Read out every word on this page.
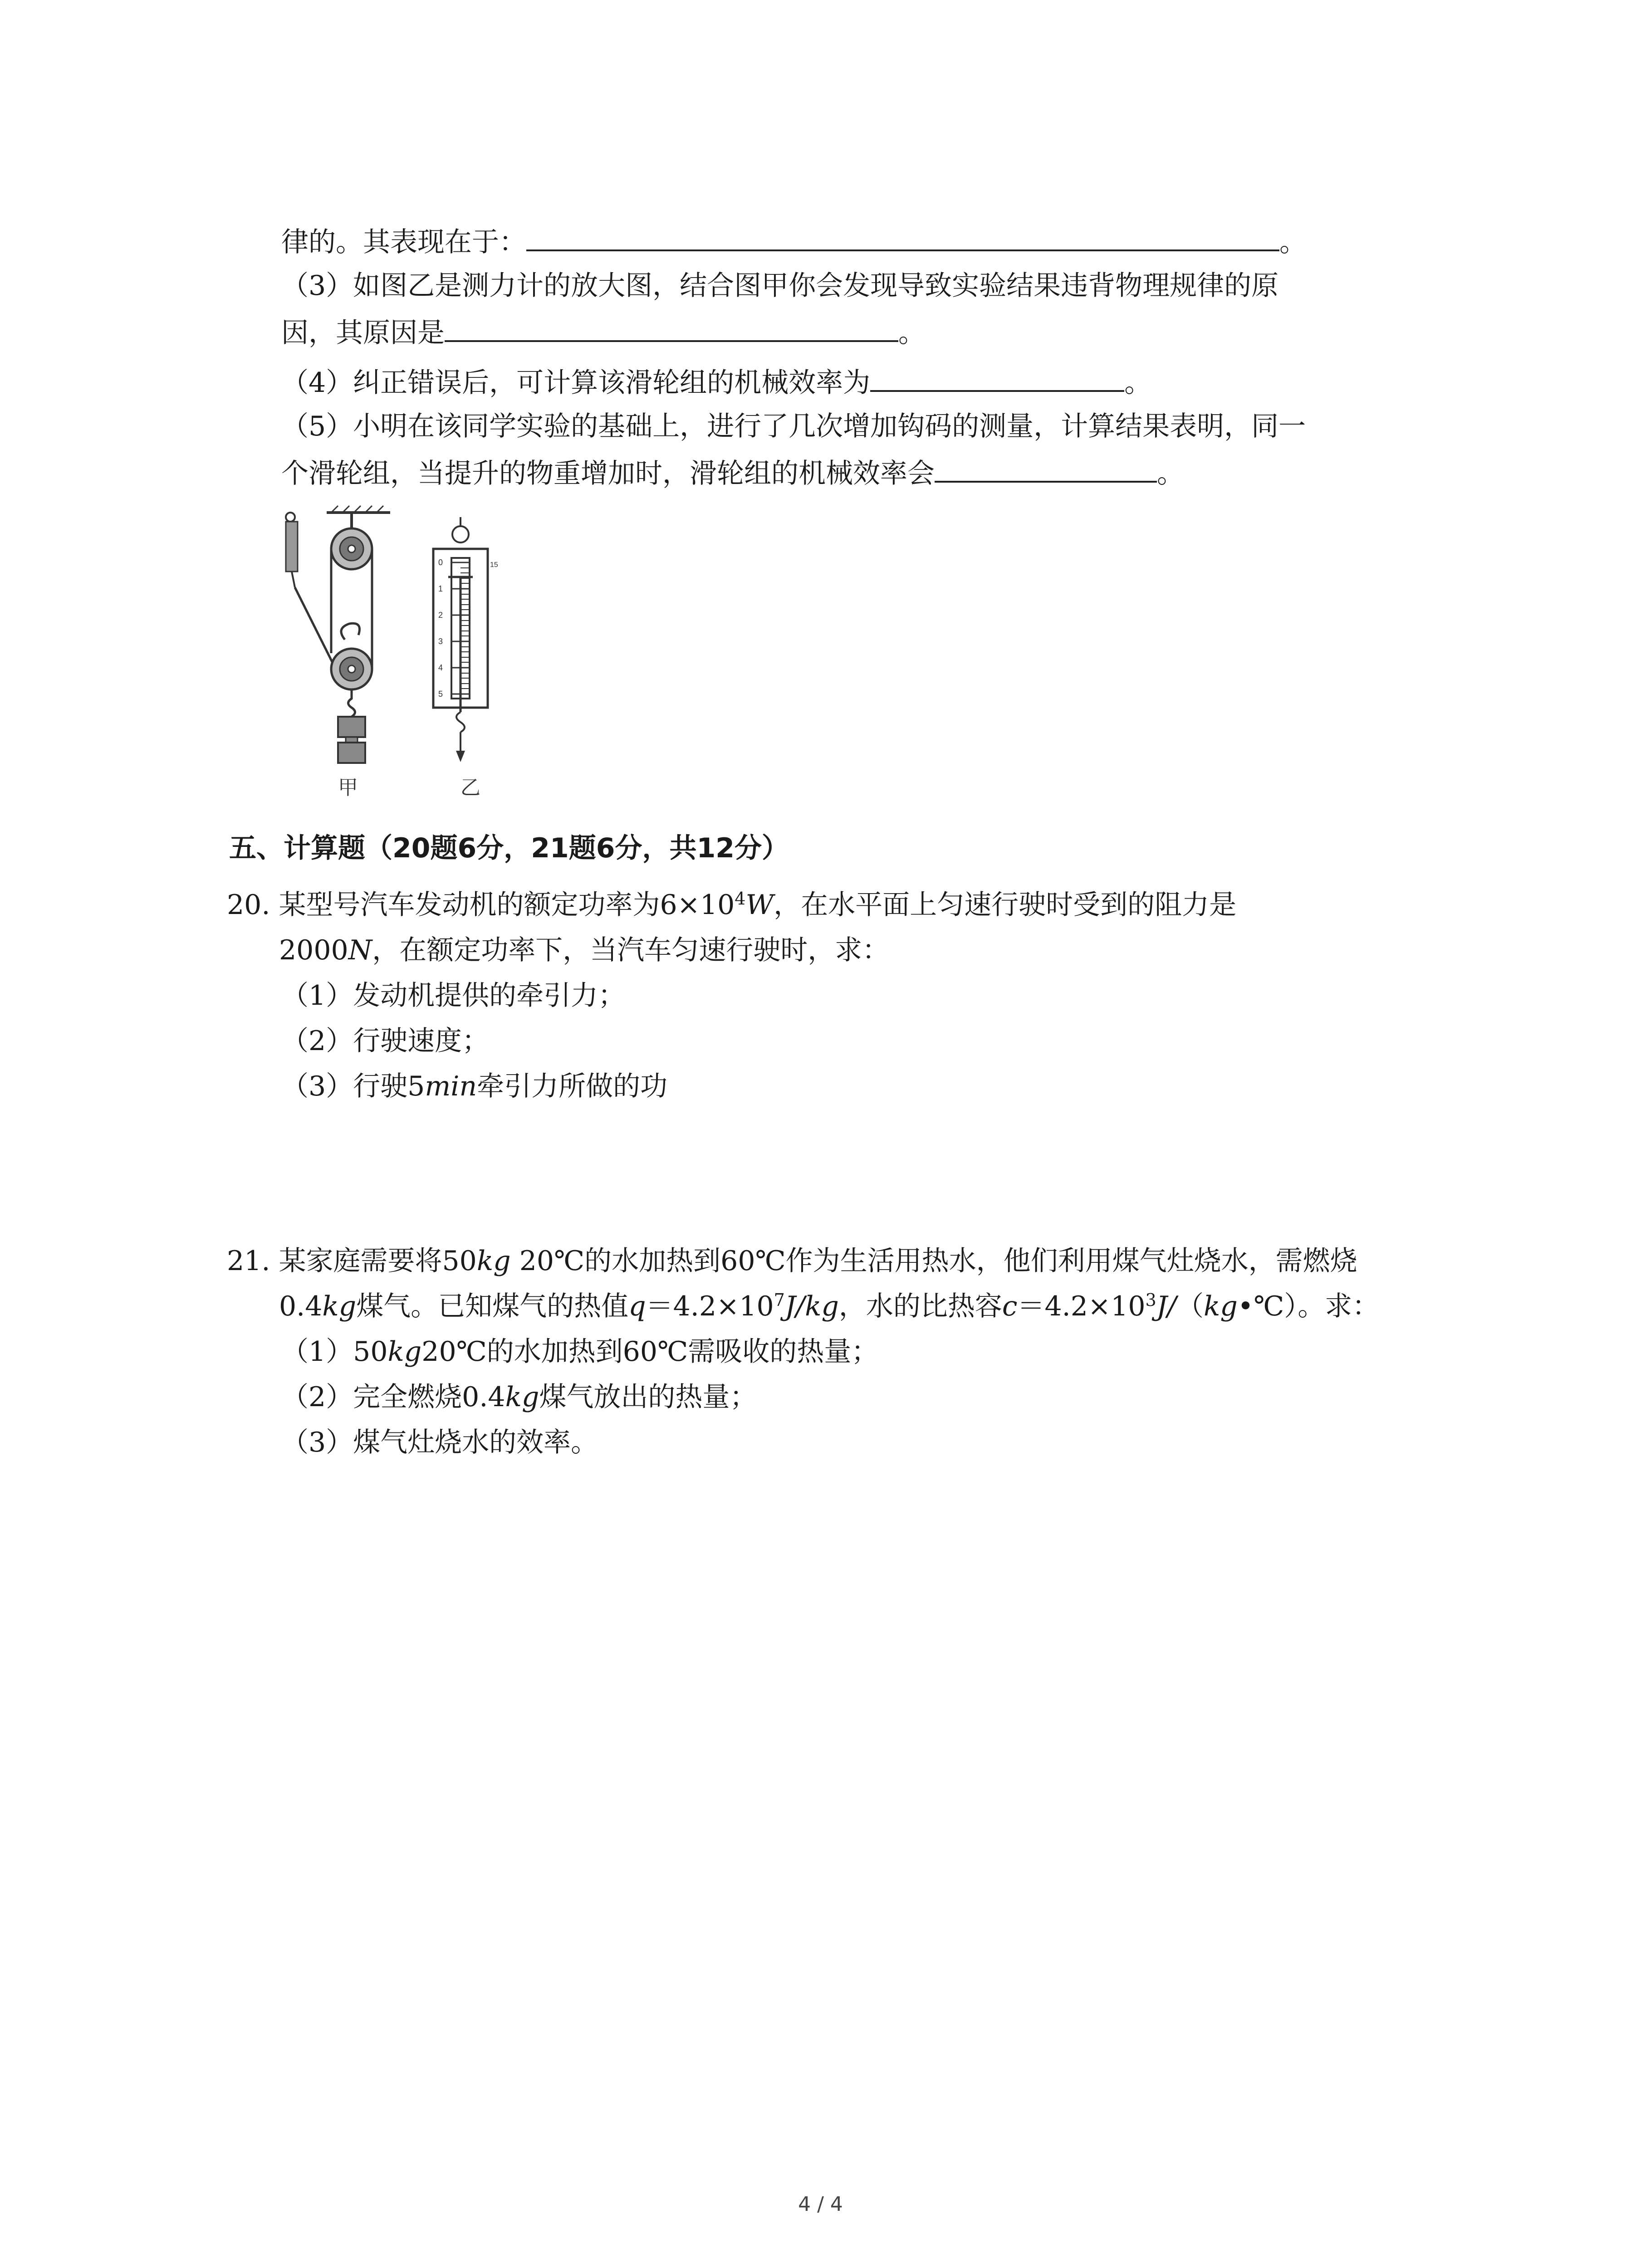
律的。其表现在于：	。
（3）如图乙是测力计的放大图，结合图甲你会发现导致实验结果违背物理规律的原
因，其原因是	。
（4）纠正错误后，可计算该滑轮组的机械效率为	。
（5）小明在该同学实验的基础上，进行了几次增加钩码的测量，计算结果表明，同一
个滑轮组，当提升的物重增加时，滑轮组的机械效率会	。
甲
0
1
2
3
4
5
15
乙
五、计算题（20题6分，21题6分，共12分）
20. 某型号汽车发动机的额定功率为$6\times 10^4W$，在水平面上匀速行驶时受到的阻力是
2000N，在额定功率下，当汽车匀速行驶时，求：
（1）发动机提供的牵引力；
（2）行驶速度；
（3）行驶5min牵引力所做的功
21. 某家庭需要将50kg 20℃的水加热到60℃作为生活用热水，他们利用煤气灶烧水，需燃烧
0.4kg煤气。已知煤气的热值$q=4.2\times 10^7J/kg$，水的比热容$c=4.2\times 10^3J/(kg•℃)$。求：
（1）50kg20℃的水加热到60℃需吸收的热量；
（2）完全燃烧0.4kg煤气放出的热量；
（3）煤气灶烧水的效率。
4 / 4
